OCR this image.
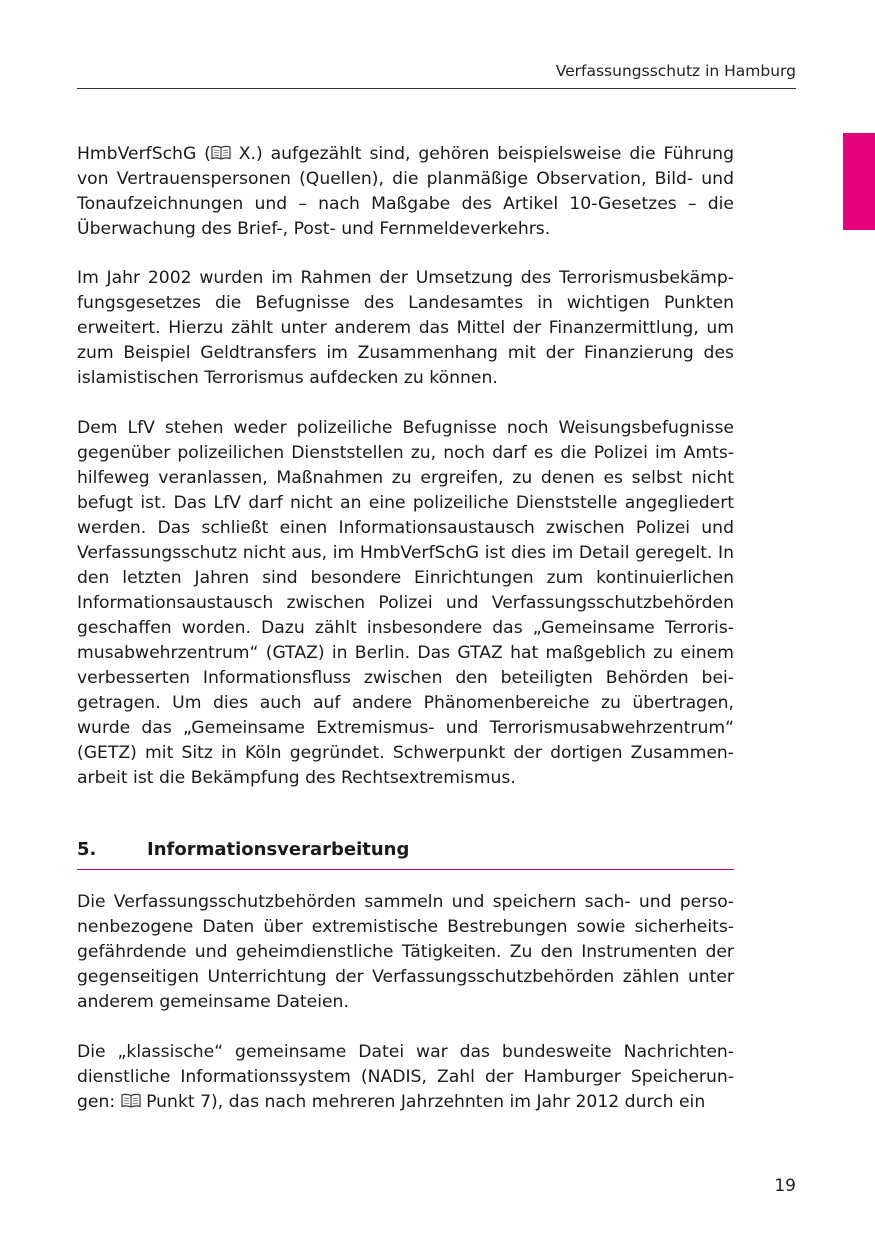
Verfassungsschutz in Hamburg

HmbVerfSchG ( X.) aufgezählt sind, gehören beispielsweise die Führung von Vertrauenspersonen (Quellen), die planmäßige Observation, Bild- und Tonaufzeichnungen und – nach Maßgabe des Artikel 10-Gesetzes – die Überwachung des Brief-, Post- und Fernmeldeverkehrs.

Im Jahr 2002 wurden im Rahmen der Umsetzung des Terrorismusbekämpfungsgesetzes die Befugnisse des Landesamtes in wichtigen Punkten erweitert. Hierzu zählt unter anderem das Mittel der Finanzermittlung, um zum Beispiel Geldtransfers im Zusammenhang mit der Finanzierung des islamistischen Terrorismus aufdecken zu können.

Dem LfV stehen weder polizeiliche Befugnisse noch Weisungsbefugnisse gegenüber polizeilichen Dienststellen zu, noch darf es die Polizei im Amtshilfeweg veranlassen, Maßnahmen zu ergreifen, zu denen es selbst nicht befugt ist. Das LfV darf nicht an eine polizeiliche Dienststelle angegliedert werden. Das schließt einen Informationsaustausch zwischen Polizei und Verfassungsschutz nicht aus, im HmbVerfSchG ist dies im Detail geregelt. In den letzten Jahren sind besondere Einrichtungen zum kontinuierlichen Informationsaustausch zwischen Polizei und Verfassungsschutzbehörden geschaffen worden. Dazu zählt insbesondere das „Gemeinsame Terrorismusabwehrzentrum“ (GTAZ) in Berlin. Das GTAZ hat maßgeblich zu einem verbesserten Informationsfluss zwischen den beteiligten Behörden beigetragen. Um dies auch auf andere Phänomenbereiche zu übertragen, wurde das „Gemeinsame Extremismus- und Terrorismusabwehrzentrum“ (GETZ) mit Sitz in Köln gegründet. Schwerpunkt der dortigen Zusammenarbeit ist die Bekämpfung des Rechtsextremismus.

5.	Informationsverarbeitung

Die Verfassungsschutzbehörden sammeln und speichern sach- und personenbezogene Daten über extremistische Bestrebungen sowie sicherheitsgefährdende und geheimdienstliche Tätigkeiten. Zu den Instrumenten der gegenseitigen Unterrichtung der Verfassungsschutzbehörden zählen unter anderem gemeinsame Dateien.

Die „klassische“ gemeinsame Datei war das bundesweite Nachrichtendienstliche Informationssystem (NADIS, Zahl der Hamburger Speicherungen:  Punkt 7), das nach mehreren Jahrzehnten im Jahr 2012 durch ein

19
